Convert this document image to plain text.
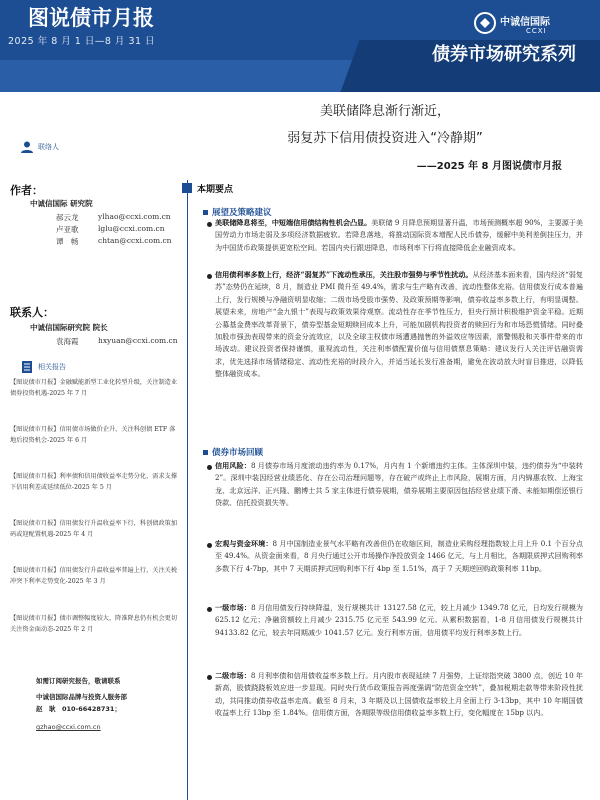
图说债市月报
2025 年 8 月 1 日—8 月 31 日
中诚信国际
CCXI
债券市场研究系列
美联储降息渐行渐近，
弱复苏下信用债投资进入“冷静期”
——2025 年 8 月图说债市月报
联络人
作者：
中诚信国际 研究院
郝云龙	ylhao@ccxi.com.cn
卢亚歌	lglu@ccxi.com.cn
谭　畅	chtan@ccxi.com.cn
联系人：
中诚信国际研究院 院长
袁海霞	hxyuan@ccxi.com.cn
相关报告
【图说债市月报】金融赋能新型工业化转型升级，关注制造业债券投资机遇-2025 年 7 月
【图说债市月报】信用债市场做价企升，关注科创债 ETF 落地后投资机会-2025 年 6 月
【图说债市月报】利率债和信用债收益率走势分化，需求支撑下信用利差或延续低位-2025 年 5 月
【图说债市月报】信用债发行升温收益率下行，科创债政策加码或迎配置机遇-2025 年 4 月
【图说债市月报】信用债发行升温收益率普遍上行，关注关税冲突下利率走势变化-2025 年 3 月
【图说债市月报】债市调整幅度较大，降准降息仍有机会更切关注资金面动态-2025 年 2 月
如需订阅研究报告，敬请联系
中诚信国际品牌与投资人服务部
赵　耿　010-66428731；
gzhao@ccxi.com.cn
本期要点
展望及策略建议
美联储降息将至，中短端信用债结构性机会凸显。美联储 9 月降息预期显著升温，市场预测概率超 90%，主要源于美国劳动力市场走弱及多项经济数据疲软。若降息落地，将推动国际资本增配人民币债券，缓解中美利差倒挂压力，并为中国货币政策提供更宽松空间。若国内央行跟进降息，市场利率下行将直接降低企业融资成本。
信用债利率多数上行，经济“弱复苏”下流动性承压，关注股市强势与季节性扰动。从经济基本面来看，国内经济“弱复苏”态势仍在延续，8 月，制造业 PMI 微升至 49.4%，需求与生产略有改善，流动性整体充裕。信用债发行成本普遍上行，发行规模与净融资明显收缩；二级市场受股市强势、及政策预期等影响，债券收益率多数上行，有明显调整。展望未来，房地产“金九银十”表现与政策效果待观察。流动性存在季节性压力，但央行预计积极维护资金平稳。近期公募基金费率改革背景下，债券型基金短期赎回成本上升，可能加剧机构投资者的赎回行为和市场恐慌情绪。同时叠加股市强劲表现带来的资金分流效应，以及全球主权债市场遭遇抛售的外溢效应等因素，需警惕股和关事件带来的市场波动。建议投资者保持谨慎，重视流动性，关注利率债配置价值与信用债票息策略：建议发行人关注评估融资需求，优先选择市场情绪稳定、流动性充裕的时段介入，并适当延长发行准备期，避免在波动放大时盲目推进，以降低整体融资成本。
债券市场回顾
信用风险：8 月债券市场月度滚动违约率为 0.17%，月内有 1 个新增违约主体。主体深圳中装，违约债券为“中装转 2”。深圳中装因经营业绩恶化、存在公司治理问题等，存在破产或终止上市风险，展期方面，月内锦惠农牧、上海宝龙、北京远洋、正兴隆、鹏博士共 5 家主体进行债券展期，债券展期主要原因包括经营业绩下滑、未能如期偿还银行贷款、信托投资损失等。
宏观与资金环境：8 月中国制造业景气水平略有改善但仍在收缩区间，制造业采购经理指数较上月上升 0.1 个百分点至 49.4%。从资金面来看，8 月央行通过公开市场操作净投放资金 1466 亿元，与上月相比，各期限质押式回购利率多数下行 4-7bp，其中 7 天期质押式回购利率下行 4bp 至 1.51%，高于 7 天期逆回购政策利率 11bp。
一级市场：8 月信用债发行持续降温，发行规模共计 13127.58 亿元，较上月减少 1349.78 亿元，日均发行规模为 625.12 亿元；净融资额较上月减少 2315.75 亿元至 543.99 亿元。从累积数据看，1-8 月信用债发行规模共计 94133.82 亿元，较去年同期减少 1041.57 亿元。发行利率方面，信用债平均发行利率多数上行。
二级市场：8 月利率债和信用债收益率多数上行。月内股市表现延续 7 月强势，上证综指突破 3800 点，创近 10 年新高，股债跷跷板效应进一步显现。同时央行货币政策报告再度强调“防范资金空转”，叠加税期走款等带来阶段性扰动，共同推动债券收益率走高。截至 8 月末，3 年期及以上国债收益率较上月全面上行 3-13bp，其中 10 年期国债收益率上行 13bp 至 1.84%。信用债方面，各期限等级信用债收益率多数上行，变化幅度在 15bp 以内。
